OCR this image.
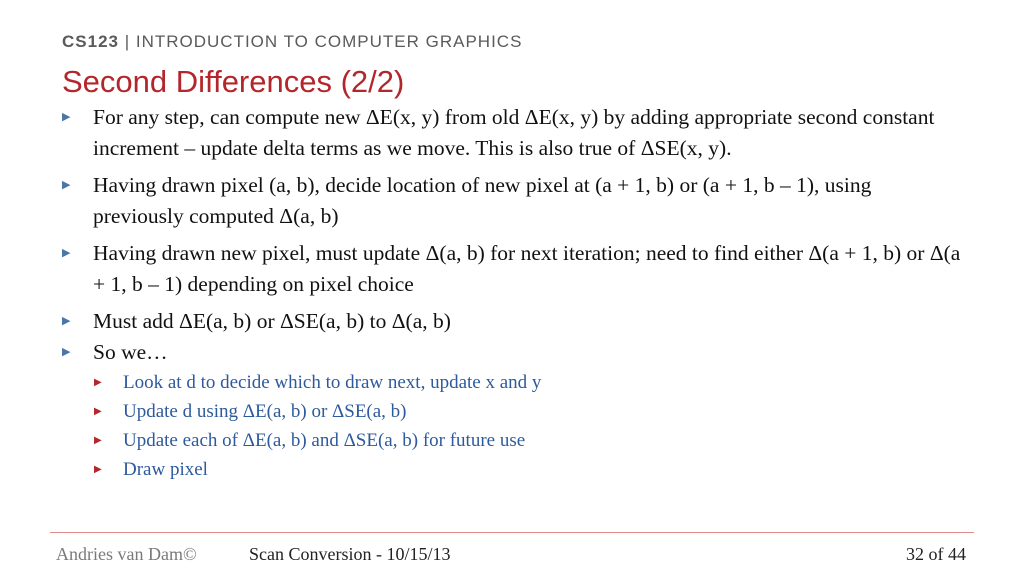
CS123 | INTRODUCTION TO COMPUTER GRAPHICS
Second Differences (2/2)
▶ For any step, can compute new ΔE(x, y) from old ΔE(x, y) by adding appropriate second constant increment – update delta terms as we move. This is also true of ΔSE(x, y).
▶ Having drawn pixel (a, b), decide location of new pixel at (a + 1, b) or (a + 1, b – 1), using previously computed Δ(a, b)
▶ Having drawn new pixel, must update Δ(a, b) for next iteration; need to find either Δ(a + 1, b) or Δ(a + 1, b – 1) depending on pixel choice
▶ Must add ΔE(a, b) or ΔSE(a, b) to Δ(a, b)
▶ So we…
▶ Look at d to decide which to draw next, update x and y
▶ Update d using ΔE(a, b) or ΔSE(a, b)
▶ Update each of ΔE(a, b) and ΔSE(a, b) for future use
▶ Draw pixel
Andries van Dam©	Scan Conversion - 10/15/13	32 of 44
